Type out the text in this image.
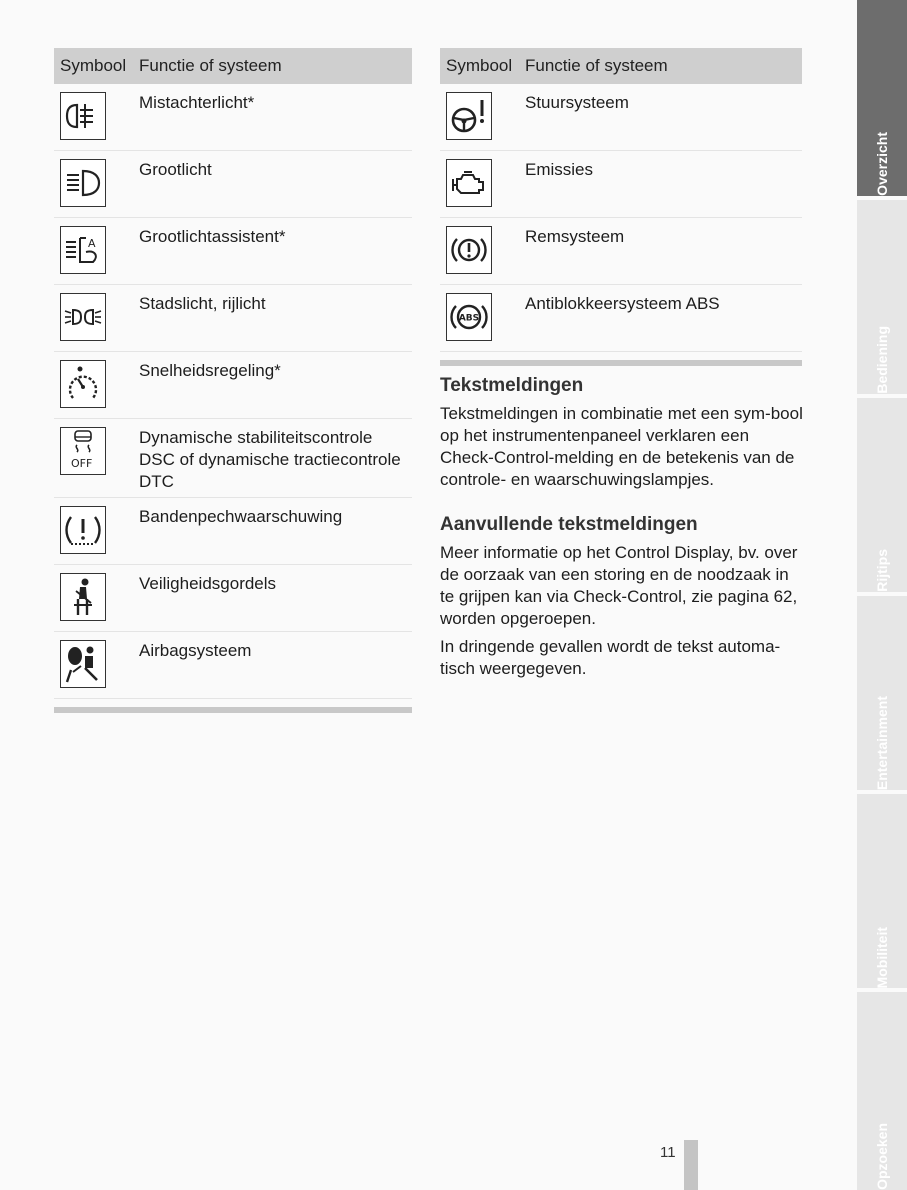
Symbool Functie of systeem
Mistachterlicht*
Grootlicht
A	Grootlichtassistent*
Stadslicht, rijlicht
Snelheidsregeling*
OFF
Dynamische stabiliteitscontrole DSC of dynamische tractiecontrole DTC
Bandenpechwaarschuwing
Veiligheidsgordels
Airbagsysteem
Symbool Functie of systeem
Stuursysteem
Emissies
Remsysteem
ABS
Antiblokkeersysteem ABS
Tekstmeldingen

Tekstmeldingen in combinatie met een sym-bool op het instrumentenpaneel verklaren een Check-Control-melding en de betekenis van de controle- en waarschuwingslampjes.

Aanvullende tekstmeldingen

Meer informatie op het Control Display, bv. over de oorzaak van een storing en de noodzaak in te grijpen kan via Check-Control, zie pagina 62, worden opgeroepen.

In dringende gevallen wordt de tekst automa-tisch weergegeven.

Overzicht
Bediening
Rijtips
Entertainment
Mobiliteit
Opzoeken
11
